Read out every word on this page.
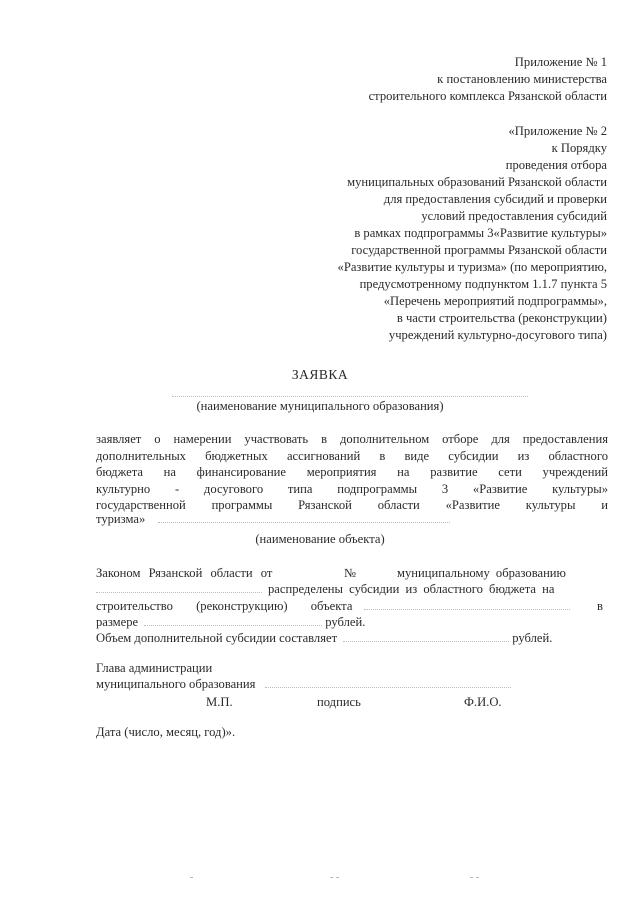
Приложение № 1
к постановлению министерства
строительного комплекса Рязанской области
«Приложение № 2
к Порядку
проведения отбора
муниципальных образований Рязанской области
для предоставления субсидий и проверки
условий предоставления субсидий
в рамках подпрограммы 3«Развитие культуры»
государственной программы Рязанской области
«Развитие культуры и туризма» (по мероприятию,
предусмотренному подпунктом 1.1.7 пункта 5
«Перечень мероприятий подпрограммы»,
в части строительства (реконструкции)
учреждений культурно-досугового типа)
ЗАЯВКА
(наименование муниципального образования)
заявляет о намерении участвовать в дополнительном отборе для предоставления
дополнительных бюджетных ассигнований в виде субсидии из областного
бюджета на финансирование мероприятия на развитие сети учреждений
культурно - досугового типа подпрограммы 3 «Развитие культуры»
государственной программы Рязанской области «Развитие культуры и
туризма»
(наименование объекта)
Законом Рязанской области от	№	муниципальному образованию
распределены субсидии из областного бюджета на
строительство (реконструкцию) объекта	в
размере	рублей.
Объем дополнительной субсидии составляет	рублей.
Глава администрации
муниципального образования
М.П.	подпись	Ф.И.О.
Дата (число, месяц, год)».
-	- -	- -
